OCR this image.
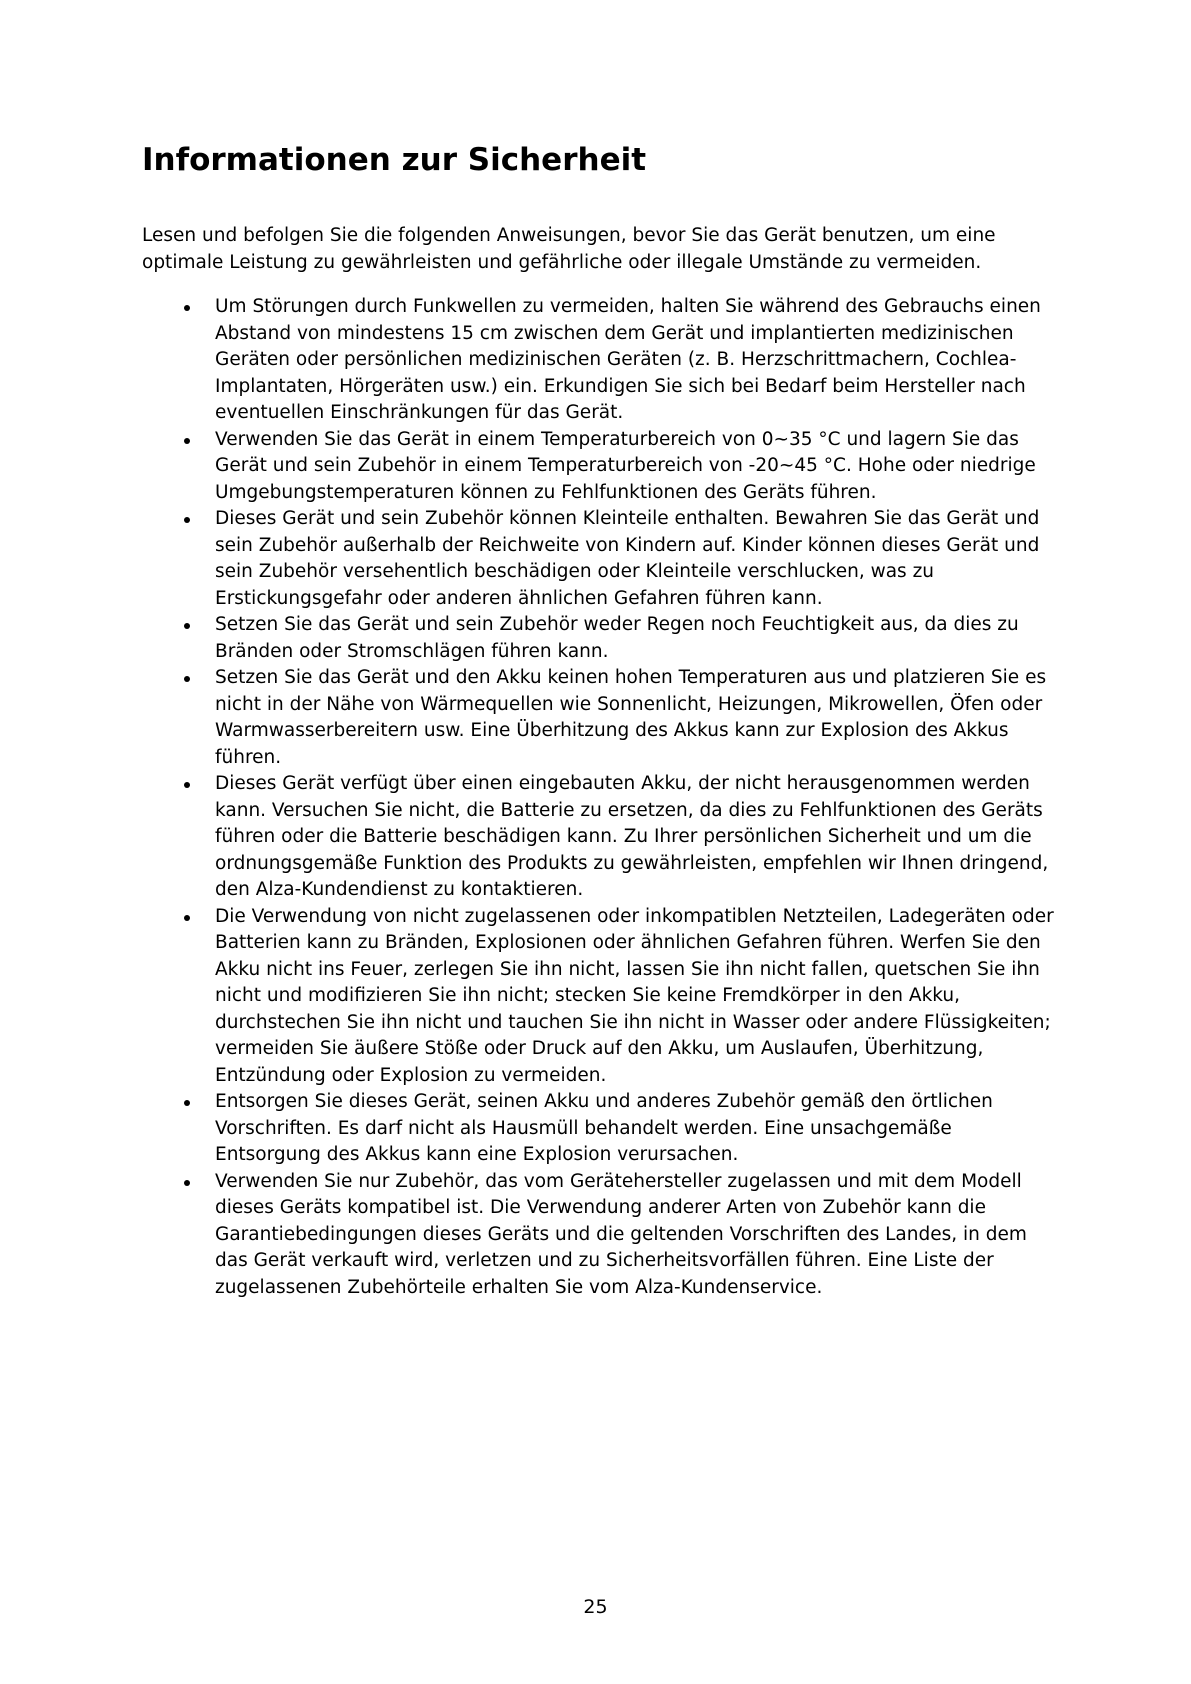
Informationen zur Sicherheit

Lesen und befolgen Sie die folgenden Anweisungen, bevor Sie das Gerät benutzen, um eine optimale Leistung zu gewährleisten und gefährliche oder illegale Umstände zu vermeiden.

Um Störungen durch Funkwellen zu vermeiden, halten Sie während des Gebrauchs einen Abstand von mindestens 15 cm zwischen dem Gerät und implantierten medizinischen Geräten oder persönlichen medizinischen Geräten (z. B. Herzschrittmachern, Cochlea-Implantaten, Hörgeräten usw.) ein. Erkundigen Sie sich bei Bedarf beim Hersteller nach eventuellen Einschränkungen für das Gerät.
Verwenden Sie das Gerät in einem Temperaturbereich von 0~35 °C und lagern Sie das Gerät und sein Zubehör in einem Temperaturbereich von -20~45 °C. Hohe oder niedrige Umgebungstemperaturen können zu Fehlfunktionen des Geräts führen.
Dieses Gerät und sein Zubehör können Kleinteile enthalten. Bewahren Sie das Gerät und sein Zubehör außerhalb der Reichweite von Kindern auf. Kinder können dieses Gerät und sein Zubehör versehentlich beschädigen oder Kleinteile verschlucken, was zu Erstickungsgefahr oder anderen ähnlichen Gefahren führen kann.
Setzen Sie das Gerät und sein Zubehör weder Regen noch Feuchtigkeit aus, da dies zu Bränden oder Stromschlägen führen kann.
Setzen Sie das Gerät und den Akku keinen hohen Temperaturen aus und platzieren Sie es nicht in der Nähe von Wärmequellen wie Sonnenlicht, Heizungen, Mikrowellen, Öfen oder Warmwasserbereitern usw. Eine Überhitzung des Akkus kann zur Explosion des Akkus führen.
Dieses Gerät verfügt über einen eingebauten Akku, der nicht herausgenommen werden kann. Versuchen Sie nicht, die Batterie zu ersetzen, da dies zu Fehlfunktionen des Geräts führen oder die Batterie beschädigen kann. Zu Ihrer persönlichen Sicherheit und um die ordnungsgemäße Funktion des Produkts zu gewährleisten, empfehlen wir Ihnen dringend, den Alza-Kundendienst zu kontaktieren.
Die Verwendung von nicht zugelassenen oder inkompatiblen Netzteilen, Ladegeräten oder Batterien kann zu Bränden, Explosionen oder ähnlichen Gefahren führen. Werfen Sie den Akku nicht ins Feuer, zerlegen Sie ihn nicht, lassen Sie ihn nicht fallen, quetschen Sie ihn nicht und modifizieren Sie ihn nicht; stecken Sie keine Fremdkörper in den Akku, durchstechen Sie ihn nicht und tauchen Sie ihn nicht in Wasser oder andere Flüssigkeiten; vermeiden Sie äußere Stöße oder Druck auf den Akku, um Auslaufen, Überhitzung, Entzündung oder Explosion zu vermeiden.
Entsorgen Sie dieses Gerät, seinen Akku und anderes Zubehör gemäß den örtlichen Vorschriften. Es darf nicht als Hausmüll behandelt werden. Eine unsachgemäße Entsorgung des Akkus kann eine Explosion verursachen.
Verwenden Sie nur Zubehör, das vom Gerätehersteller zugelassen und mit dem Modell dieses Geräts kompatibel ist. Die Verwendung anderer Arten von Zubehör kann die Garantiebedingungen dieses Geräts und die geltenden Vorschriften des Landes, in dem das Gerät verkauft wird, verletzen und zu Sicherheitsvorfällen führen. Eine Liste der zugelassenen Zubehörteile erhalten Sie vom Alza-Kundenservice.
25
